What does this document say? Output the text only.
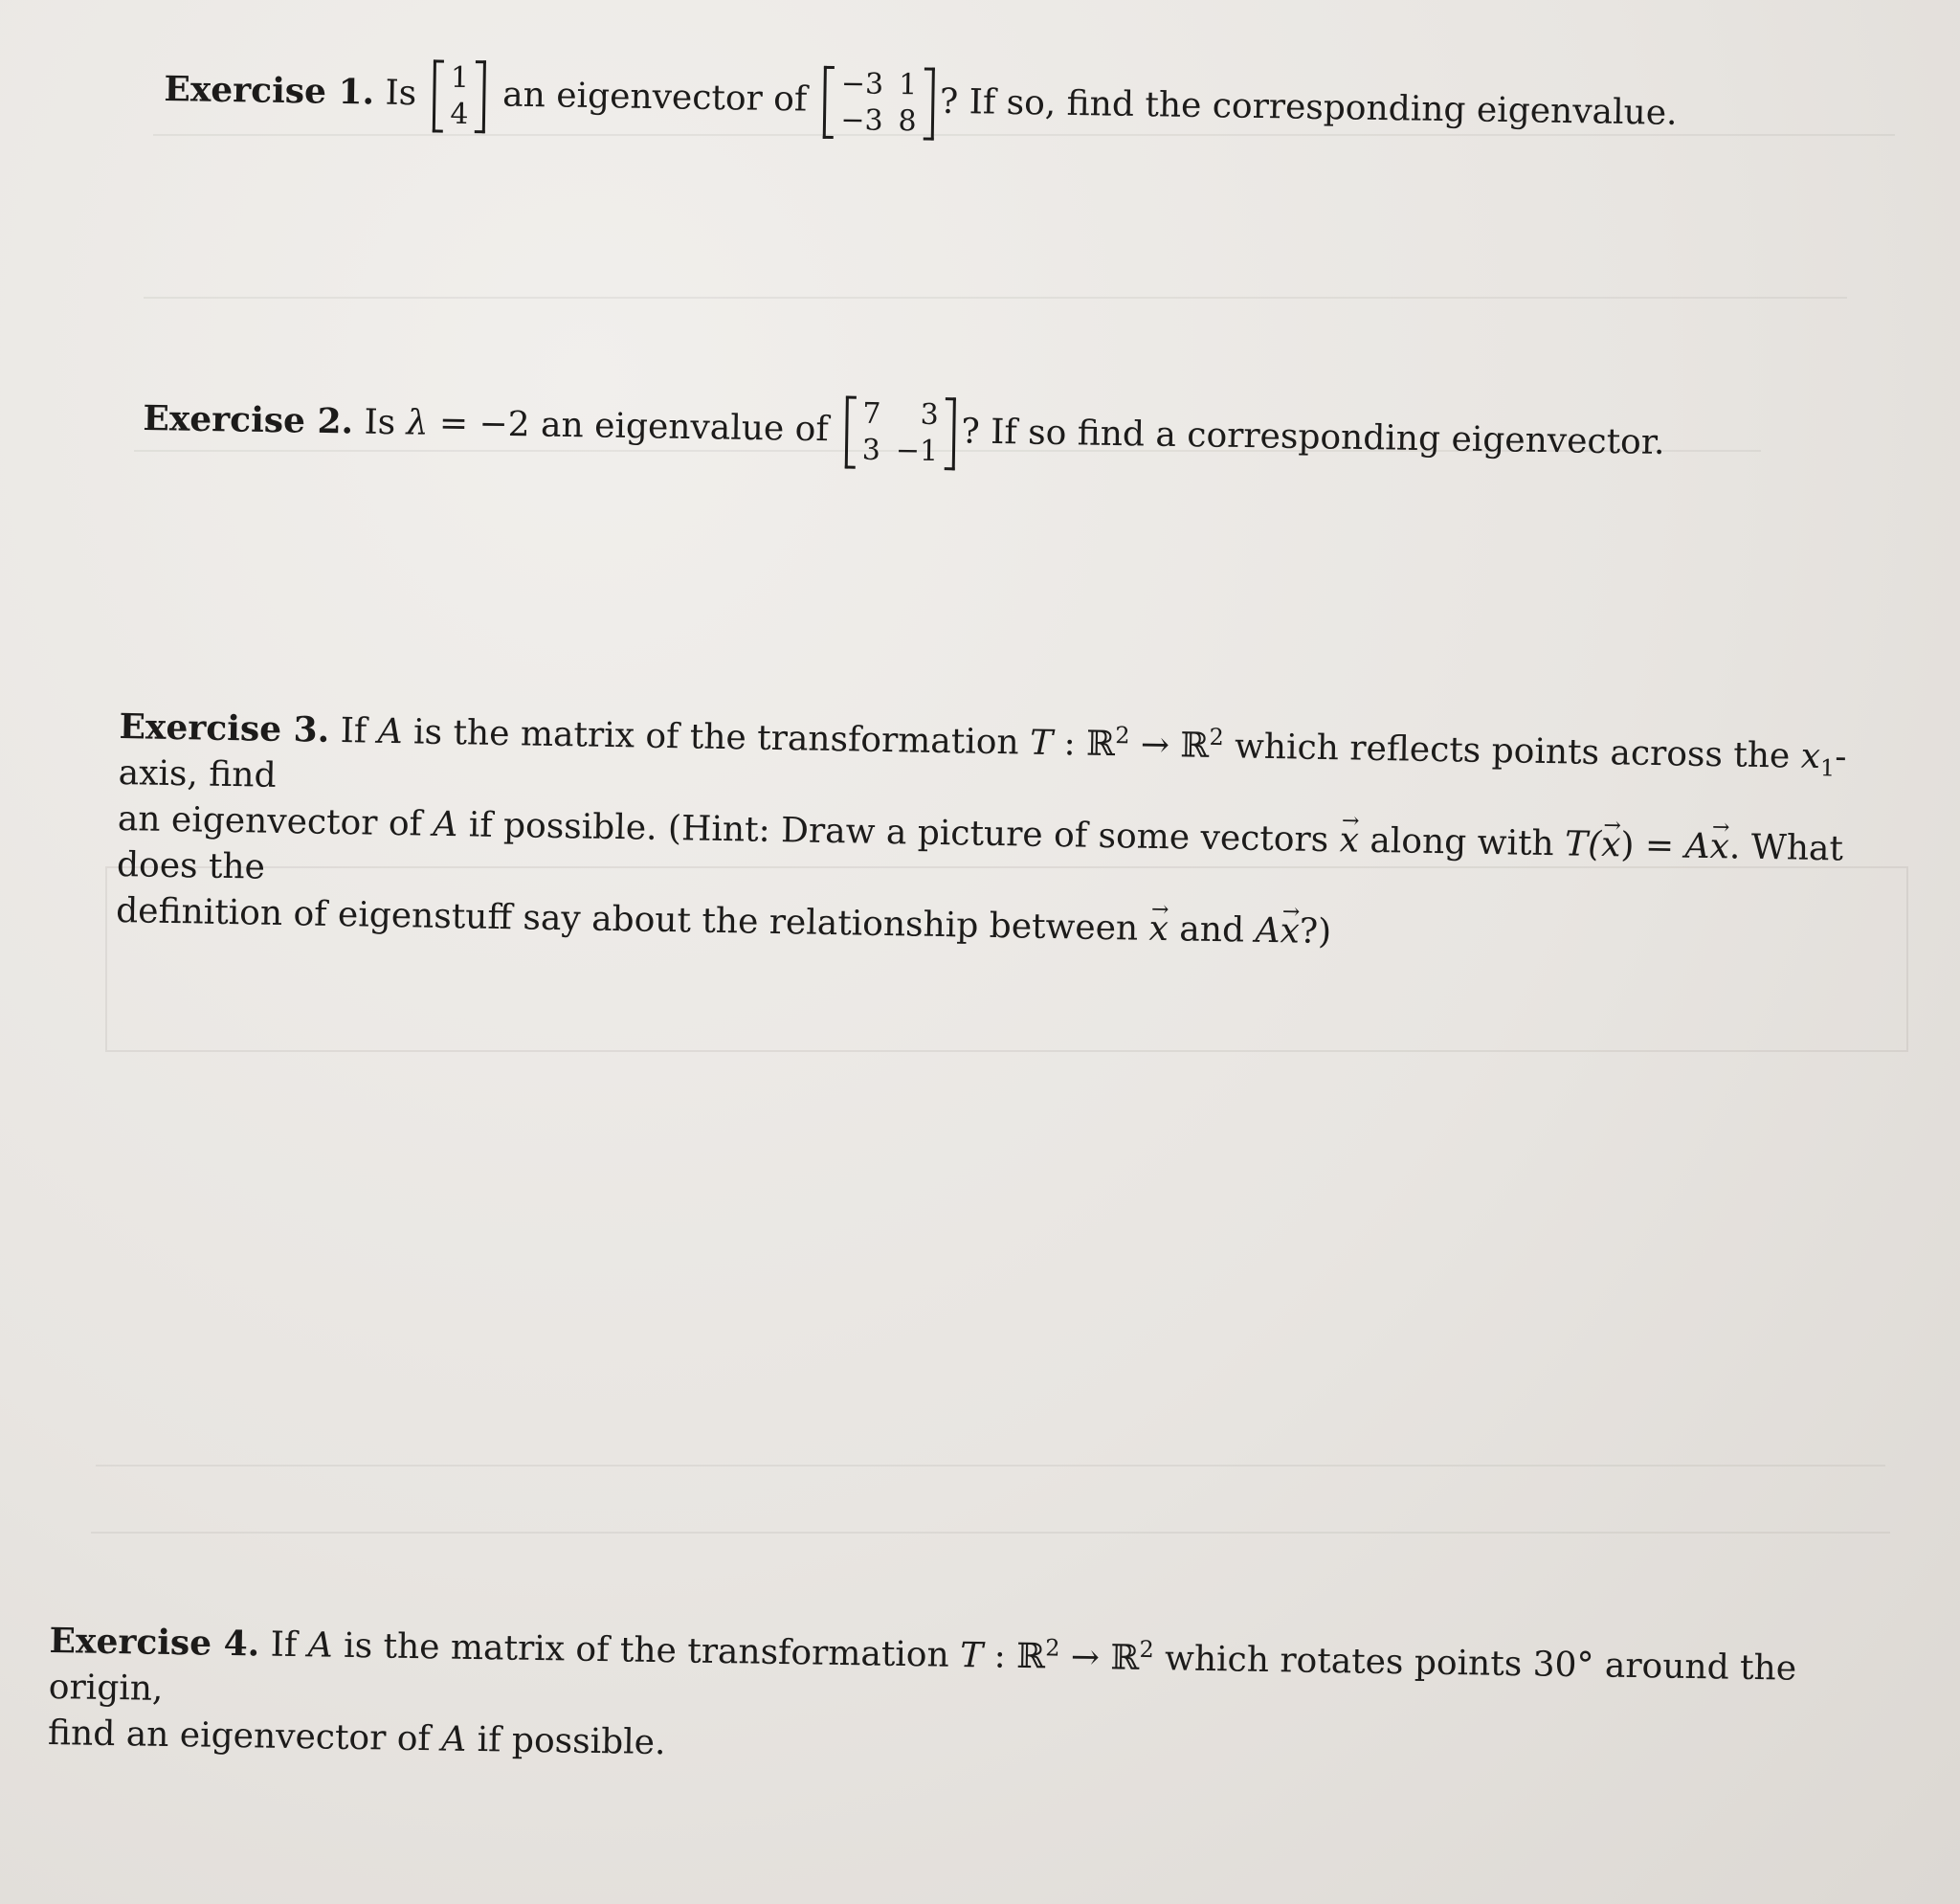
Exercise 1. Is 1
4 an eigenvector of −3	1
−3	8 ? If so, find the corresponding eigenvalue.
Exercise 2. Is λ = −2 an eigenvalue of 7	3
3	−1 ? If so find a corresponding eigenvector.
Exercise 3. If A is the matrix of the transformation T : ℝ$^2$ → ℝ$^2$ which reflects points across the $x_1$-axis, find
an eigenvector of A if possible. (Hint: Draw a picture of some vectors x → along with T(x →) = Ax →. What does the
definition of eigenstuff say about the relationship between x → and Ax →?)
Exercise 4. If A is the matrix of the transformation T : ℝ$^2$ → ℝ$^2$ which rotates points 30° around the origin,
find an eigenvector of A if possible.
